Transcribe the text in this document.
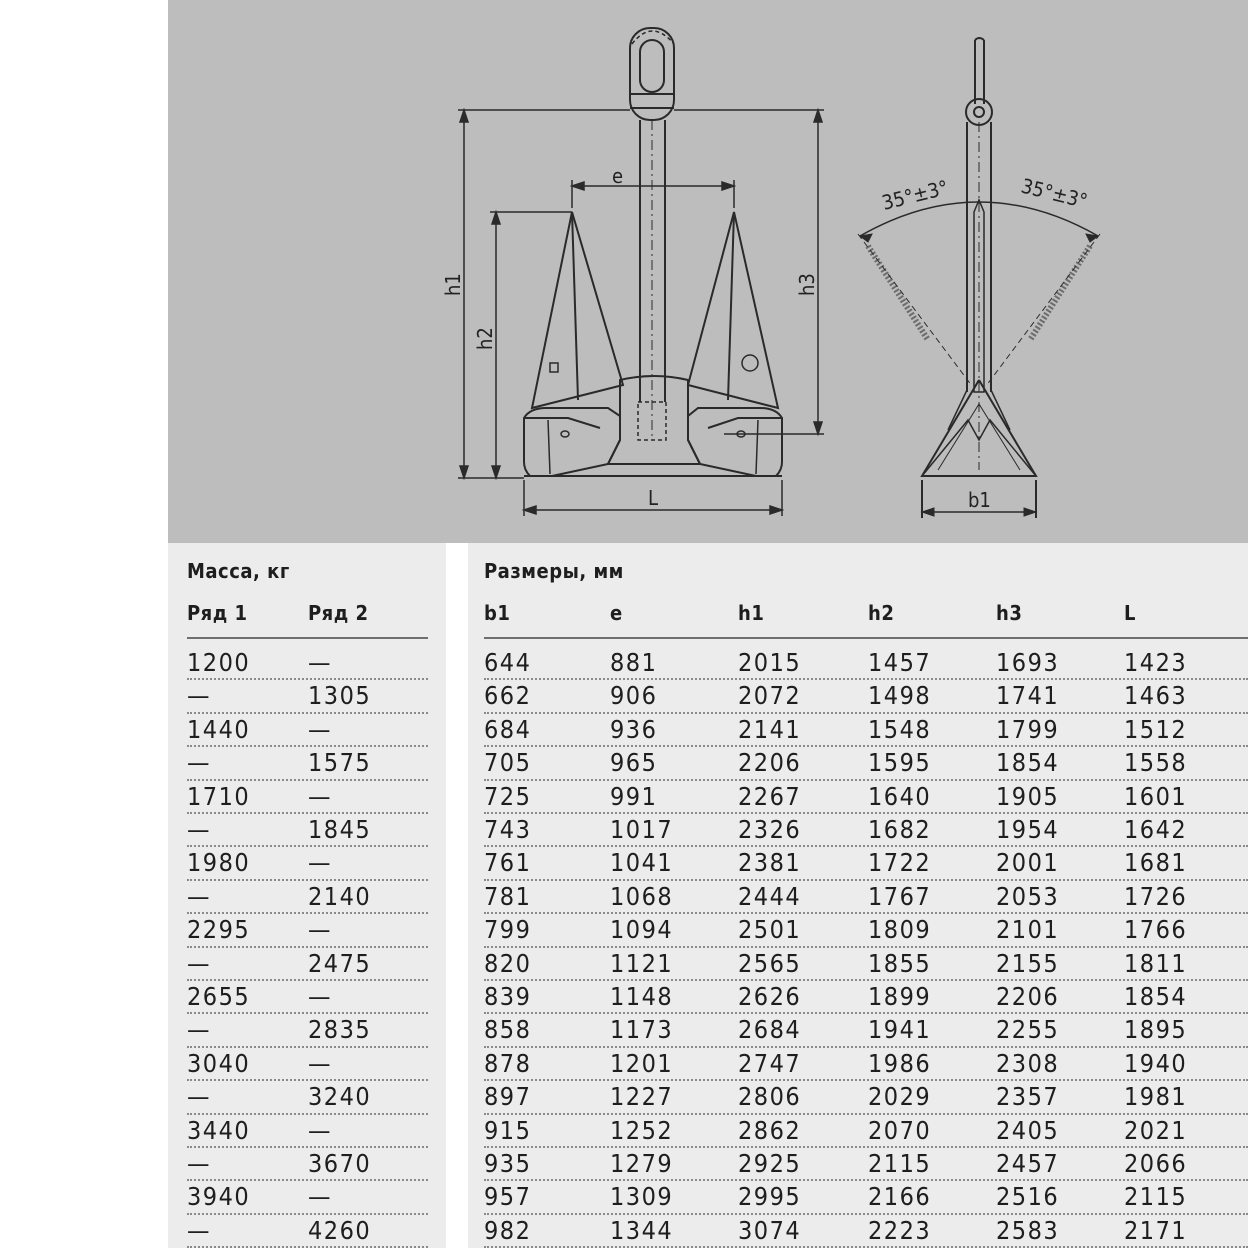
e
h1
h2
h3
L	b1
35°±3°	35°±3°
Масса, кг
Ряд 1	Ряд 2
1200 —
—	1305
1440 —
—	1575
1710 —
—	1845
1980 —
—	2140
2295 —
—	2475
2655 —
—	2835
3040 —
—	3240
3440 —
—	3670
3940 —
—	4260
Размеры, мм
b1	e	h1	h2	h3	L
644	881	2015	1457	1693	1423
662	906	2072	1498	1741	1463
684	936	2141	1548	1799	1512
705	965	2206	1595	1854	1558
725	991	2267	1640	1905	1601
743	1017	2326	1682	1954	1642
761	1041	2381	1722	2001	1681
781	1068	2444	1767	2053	1726
799	1094	2501	1809	2101	1766
820	1121	2565	1855	2155	1811
839	1148	2626	1899	2206	1854
858	1173	2684	1941	2255	1895
878	1201	2747	1986	2308	1940
897	1227	2806	2029	2357	1981
915	1252	2862	2070	2405	2021
935	1279	2925	2115	2457	2066
957	1309	2995	2166	2516	2115
982	1344	3074	2223	2583	2171
